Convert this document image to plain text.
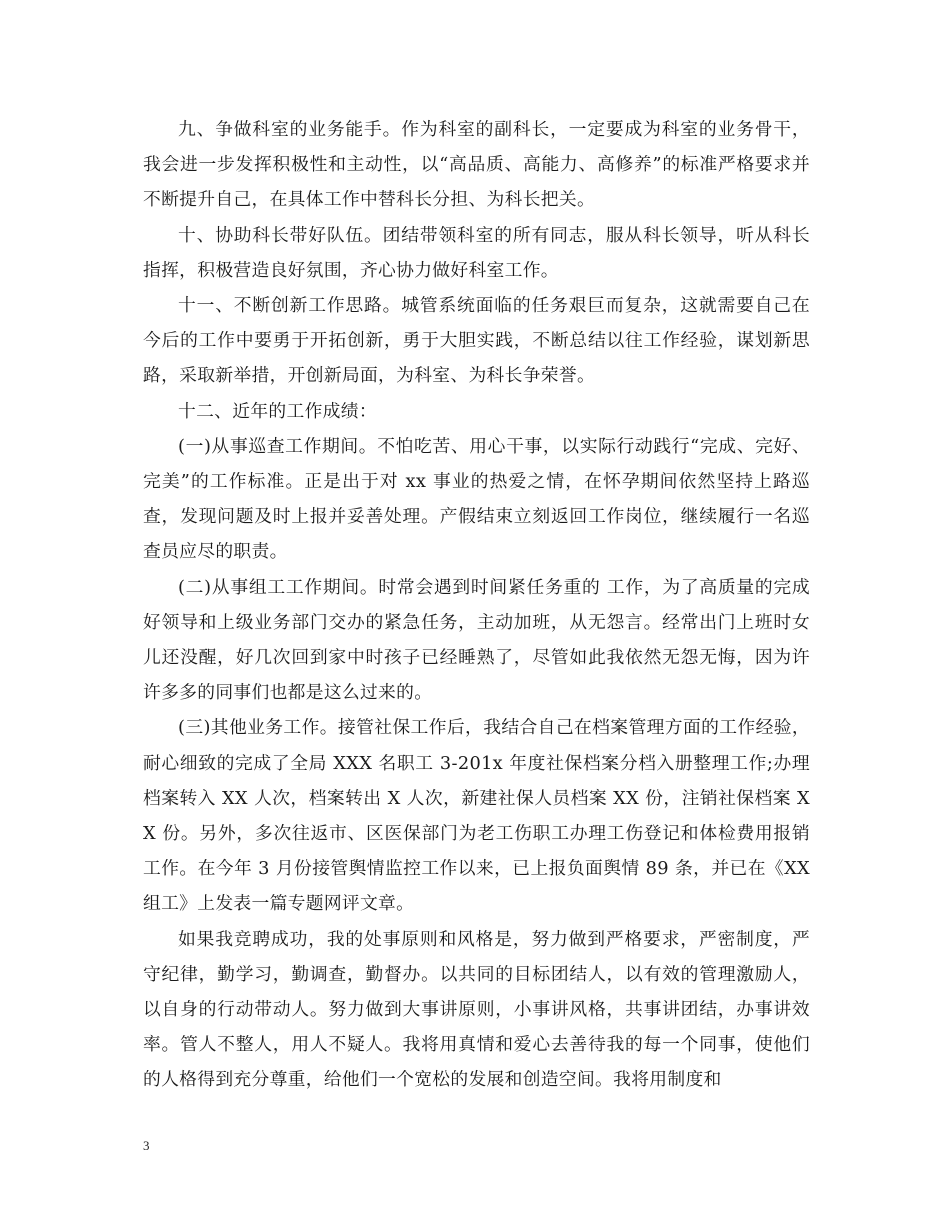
九、争做科室的业务能手。作为科室的副科长，一定要成为科室的业务骨干，我会进一步发挥积极性和主动性，以“高品质、高能力、高修养”的标准严格要求并不断提升自己，在具体工作中替科长分担、为科长把关。

十、协助科长带好队伍。团结带领科室的所有同志，服从科长领导，听从科长指挥，积极营造良好氛围，齐心协力做好科室工作。

十一、不断创新工作思路。城管系统面临的任务艰巨而复杂，这就需要自己在今后的工作中要勇于开拓创新，勇于大胆实践，不断总结以往工作经验，谋划新思路，采取新举措，开创新局面，为科室、为科长争荣誉。

十二、近年的工作成绩：

(一)从事巡查工作期间。不怕吃苦、用心干事，以实际行动践行“完成、完好、完美”的工作标准。正是出于对 xx 事业的热爱之情，在怀孕期间依然坚持上路巡查，发现问题及时上报并妥善处理。产假结束立刻返回工作岗位，继续履行一名巡查员应尽的职责。

(二)从事组工工作期间。时常会遇到时间紧任务重的 工作，为了高质量的完成好领导和上级业务部门交办的紧急任务，主动加班，从无怨言。经常出门上班时女儿还没醒，好几次回到家中时孩子已经睡熟了，尽管如此我依然无怨无悔，因为许许多多的同事们也都是这么过来的。

(三)其他业务工作。接管社保工作后，我结合自己在档案管理方面的工作经验，耐心细致的完成了全局 XXX 名职工 3-201x 年度社保档案分档入册整理工作;办理档案转入 XX 人次，档案转出 X 人次，新建社保人员档案 XX 份，注销社保档案 XX 份。另外，多次往返市、区医保部门为老工伤职工办理工伤登记和体检费用报销工作。在今年 3 月份接管舆情监控工作以来，已上报负面舆情 89 条，并已在《XX 组工》上发表一篇专题网评文章。

如果我竞聘成功，我的处事原则和风格是，努力做到严格要求，严密制度，严守纪律，勤学习，勤调查，勤督办。以共同的目标团结人，以有效的管理激励人，以自身的行动带动人。努力做到大事讲原则，小事讲风格，共事讲团结，办事讲效率。管人不整人，用人不疑人。我将用真情和爱心去善待我的每一个同事，使他们的人格得到充分尊重，给他们一个宽松的发展和创造空间。我将用制度和

3
